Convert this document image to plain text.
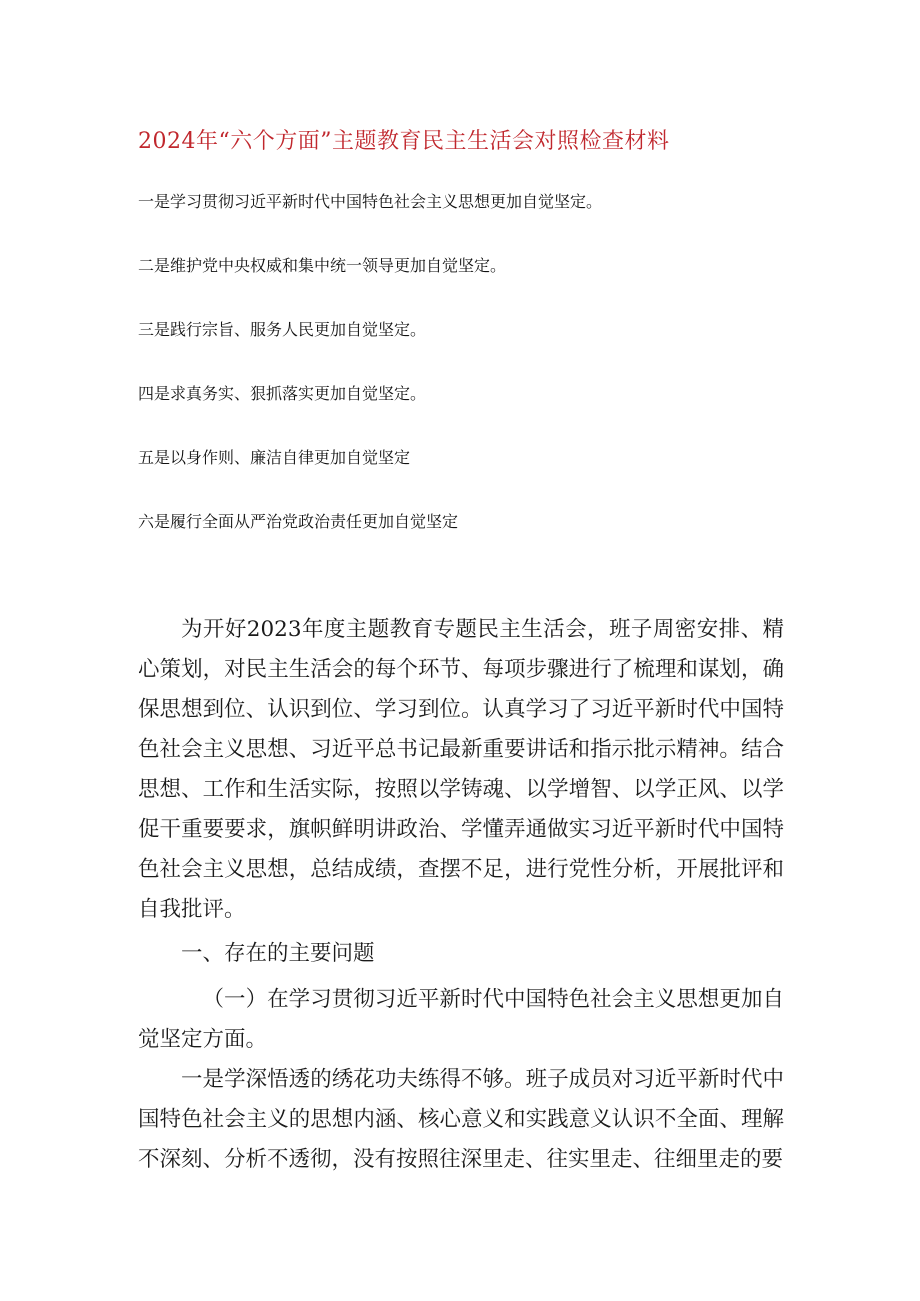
2024年“六个方面”主题教育民主生活会对照检查材料
一是学习贯彻习近平新时代中国特色社会主义思想更加自觉坚定。
二是维护党中央权威和集中统一领导更加自觉坚定。
三是践行宗旨、服务人民更加自觉坚定。
四是求真务实、狠抓落实更加自觉坚定。
五是以身作则、廉洁自律更加自觉坚定
六是履行全面从严治党政治责任更加自觉坚定

为开好2023年度主题教育专题民主生活会，班子周密安排、精心策划，对民主生活会的每个环节、每项步骤进行了梳理和谋划，确保思想到位、认识到位、学习到位。认真学习了习近平新时代中国特色社会主义思想、习近平总书记最新重要讲话和指示批示精神。结合思想、工作和生活实际，按照以学铸魂、以学增智、以学正风、以学促干重要要求，旗帜鲜明讲政治、学懂弄通做实习近平新时代中国特色社会主义思想，总结成绩，查摆不足，进行党性分析，开展批评和自我批评。

一、存在的主要问题

（一）在学习贯彻习近平新时代中国特色社会主义思想更加自觉坚定方面。

一是学深悟透的绣花功夫练得不够。班子成员对习近平新时代中国特色社会主义的思想内涵、核心意义和实践意义认识不全面、理解不深刻、分析不透彻，没有按照往深里走、往实里走、往细里走的要
